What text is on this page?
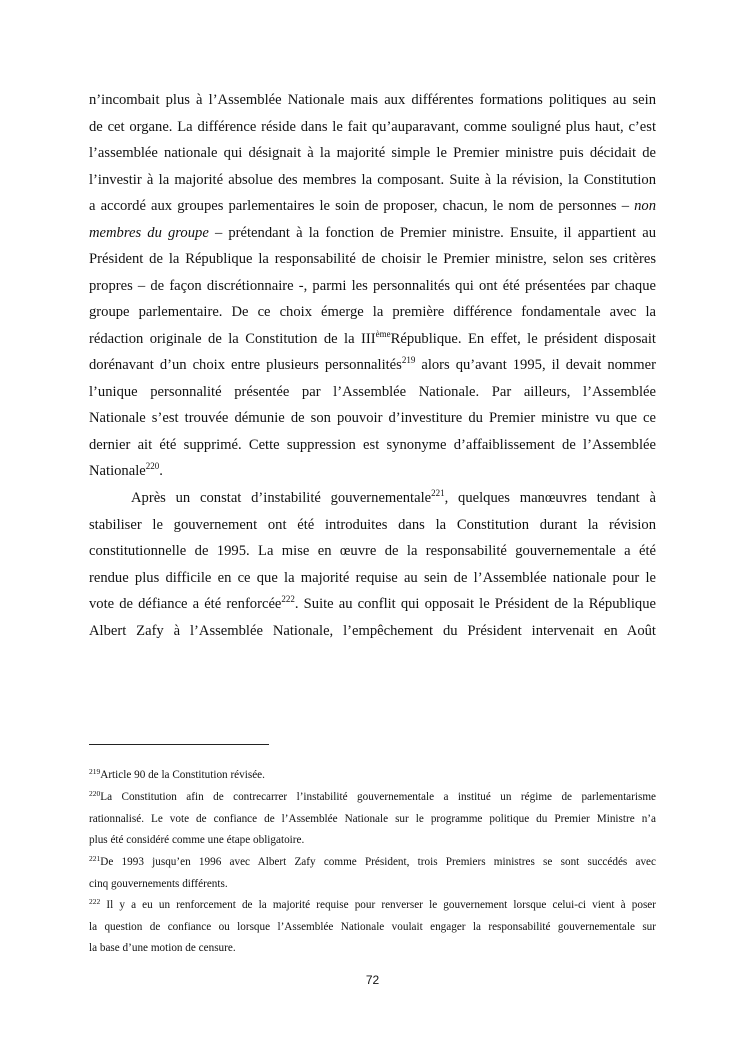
n’incombait plus à l’Assemblée Nationale mais aux différentes formations politiques au sein
de cet organe. La différence réside dans le fait qu’auparavant, comme souligné plus haut, c’est
l’assemblée nationale qui désignait à la majorité simple le Premier ministre puis décidait de
l’investir à la majorité absolue des membres la composant. Suite à la révision, la Constitution
a accordé aux groupes parlementaires le soin de proposer, chacun, le nom de personnes – non
membres du groupe – prétendant à la fonction de Premier ministre. Ensuite, il appartient au
Président de la République la responsabilité de choisir le Premier ministre, selon ses critères
propres – de façon discrétionnaire -, parmi les personnalités qui ont été présentées par chaque
groupe parlementaire. De ce choix émerge la première différence fondamentale avec la
rédaction originale de la Constitution de la IIIèmeRépublique. En effet, le président disposait
dorénavant d’un choix entre plusieurs personnalités$^{219}$ alors qu’avant 1995, il devait nommer
l’unique personnalité présentée par l’Assemblée Nationale. Par ailleurs, l’Assemblée
Nationale s’est trouvée démunie de son pouvoir d’investiture du Premier ministre vu que ce
dernier ait été supprimé. Cette suppression est synonyme d’affaiblissement de l’Assemblée
Nationale$^{220}$.

Après un constat d’instabilité gouvernementale$^{221}$, quelques manœuvres tendant à
stabiliser le gouvernement ont été introduites dans la Constitution durant la révision
constitutionnelle de 1995. La mise en œuvre de la responsabilité gouvernementale a été
rendue plus difficile en ce que la majorité requise au sein de l’Assemblée nationale pour le
vote de défiance a été renforcée$^{222}$. Suite au conflit qui opposait le Président de la République
Albert Zafy à l’Assemblée Nationale, l’empêchement du Président intervenait en Août

$^{219}$Article 90 de la Constitution révisée.
$^{220}$La Constitution afin de contrecarrer l’instabilité gouvernementale a institué un régime de parlementarisme
rationnalisé. Le vote de confiance de l’Assemblée Nationale sur le programme politique du Premier Ministre n’a
plus été considéré comme une étape obligatoire.
$^{221}$De 1993 jusqu’en 1996 avec Albert Zafy comme Président, trois Premiers ministres se sont succédés avec
cinq gouvernements différents.
$^{222}$ Il y a eu un renforcement de la majorité requise pour renverser le gouvernement lorsque celui-ci vient à poser
la question de confiance ou lorsque l’Assemblée Nationale voulait engager la responsabilité gouvernementale sur
la base d’une motion de censure.
72
